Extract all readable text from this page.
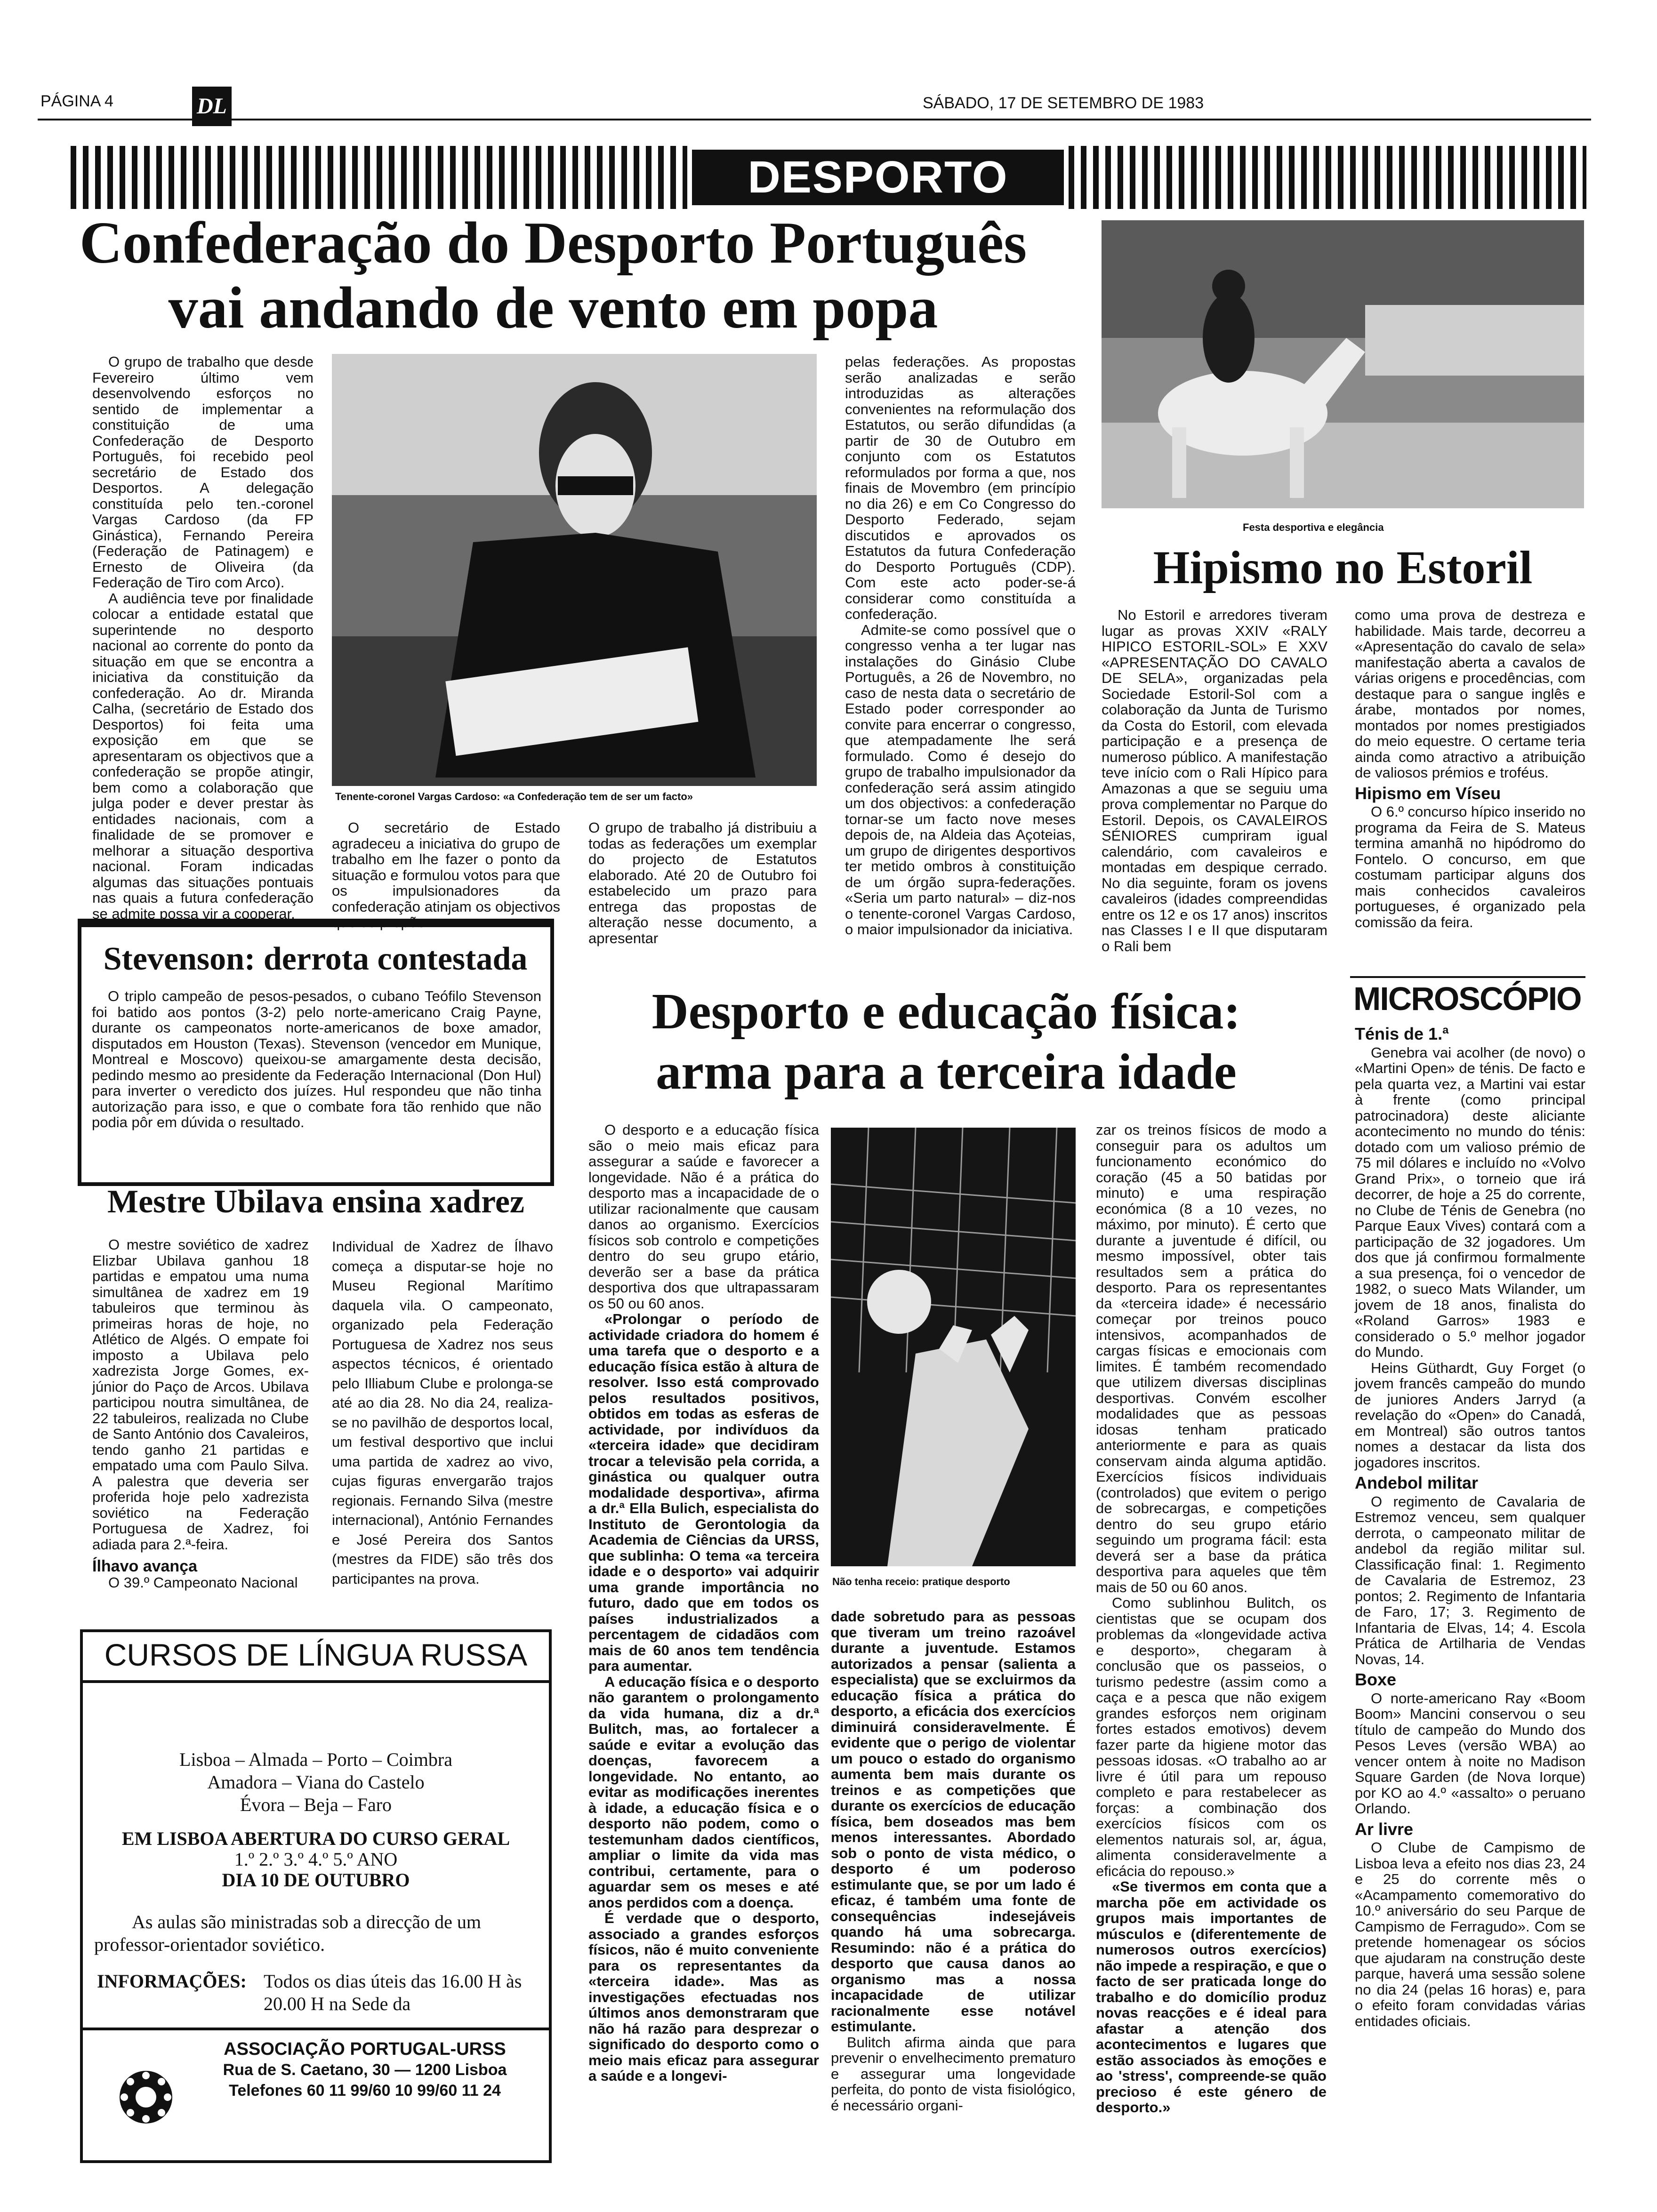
PÁGINA 4	DL	SÁBADO, 17 DE SETEMBRO DE 1983
DESPORTO
Confederação do Desporto Português
vai andando de vento em popa

O grupo de trabalho que desde Fevereiro último vem desenvolvendo esforços no sentido de implementar a constituição de uma Confederação de Desporto Português, foi recebido peol secretário de Estado dos Desportos. A delegação constituída pelo ten.-coronel Vargas Cardoso (da FP Ginástica), Fernando Pereira (Federação de Patinagem) e Ernesto de Oliveira (da Federação de Tiro com Arco).

A audiência teve por finalidade colocar a entidade estatal que superintende no desporto nacional ao corrente do ponto da situação em que se encontra a iniciativa da constituição da confederação. Ao dr. Miranda Calha, (secretário de Estado dos Desportos) foi feita uma exposição em que se apresentaram os objectivos que a confederação se propõe atingir, bem como a colaboração que julga poder e dever prestar às entidades nacionais, com a finalidade de se promover e melhorar a situação desportiva nacional. Foram indicadas algumas das situações pontuais nas quais a futura confederação se admite possa vir a cooperar.

Tenente-coronel Vargas Cardoso: «a Confederação tem de ser um facto»

O secretário de Estado agradeceu a iniciativa do grupo de trabalho em lhe fazer o ponto da situação e formulou votos para que os impulsionadores da confederação atinjam os objectivos que se propõem.

O grupo de trabalho já distribuiu a todas as federações um exemplar do projecto de Estatutos elaborado. Até 20 de Outubro foi estabelecido um prazo para entrega das propostas de alteração nesse documento, a apresentar

pelas federações. As propostas serão analizadas e serão introduzidas as alterações convenientes na reformulação dos Estatutos, ou serão difundidas (a partir de 30 de Outubro em conjunto com os Estatutos reformulados por forma a que, nos finais de Movembro (em princípio no dia 26) e em Co Congresso do Desporto Federado, sejam discutidos e aprovados os Estatutos da futura Confederação do Desporto Português (CDP). Com este acto poder-se-á considerar como constituída a confederação.

Admite-se como possível que o congresso venha a ter lugar nas instalações do Ginásio Clube Português, a 26 de Novembro, no caso de nesta data o secretário de Estado poder corresponder ao convite para encerrar o congresso, que atempadamente lhe será formulado. Como é desejo do grupo de trabalho impulsionador da confederação será assim atingido um dos objectivos: a confederação tornar-se um facto nove meses depois de, na Aldeia das Açoteias, um grupo de dirigentes desportivos ter metido ombros à constituição de um órgão supra-federações. «Seria um parto natural» – diz-nos o tenente-coronel Vargas Cardoso, o maior impulsionador da iniciativa.

Festa desportiva e elegância
Hipismo no Estoril

No Estoril e arredores tiveram lugar as provas XXIV «RALY HIPICO ESTORIL-SOL» E XXV «APRESENTAÇÃO DO CAVALO DE SELA», organizadas pela Sociedade Estoril-Sol com a colaboração da Junta de Turismo da Costa do Estoril, com elevada participação e a presença de numeroso público. A manifestação teve início com o Rali Hípico para Amazonas a que se seguiu uma prova complementar no Parque do Estoril. Depois, os CAVALEIROS SÉNIORES cumpriram igual calendário, com cavaleiros e montadas em despique cerrado. No dia seguinte, foram os jovens cavaleiros (idades compreendidas entre os 12 e os 17 anos) inscritos nas Classes I e II que disputaram o Rali bem

como uma prova de destreza e habilidade. Mais tarde, decorreu a «Apresentação do cavalo de sela» manifestação aberta a cavalos de várias origens e procedências, com destaque para o sangue inglês e árabe, montados por nomes, montados por nomes prestigiados do meio equestre. O certame teria ainda como atractivo a atribuição de valiosos prémios e troféus.

Hipismo em Víseu

O 6.º concurso hípico inserido no programa da Feira de S. Mateus termina amanhã no hipódromo do Fontelo. O concurso, em que costumam participar alguns dos mais conhecidos cavaleiros portugueses, é organizado pela comissão da feira.

Stevenson: derrota contestada

O triplo campeão de pesos-pesados, o cubano Teófilo Stevenson foi batido aos pontos (3-2) pelo norte-americano Craig Payne, durante os campeonatos norte-americanos de boxe amador, disputados em Houston (Texas). Stevenson (vencedor em Munique, Montreal e Moscovo) queixou-se amargamente desta decisão, pedindo mesmo ao presidente da Federação Internacional (Don Hul) para inverter o veredicto dos juízes. Hul respondeu que não tinha autorização para isso, e que o combate fora tão renhido que não podia pôr em dúvida o resultado.

Mestre Ubilava ensina xadrez

O mestre soviético de xadrez Elizbar Ubilava ganhou 18 partidas e empatou uma numa simultânea de xadrez em 19 tabuleiros que terminou às primeiras horas de hoje, no Atlético de Algés. O empate foi imposto a Ubilava pelo xadrezista Jorge Gomes, ex-júnior do Paço de Arcos. Ubilava participou noutra simultânea, de 22 tabuleiros, realizada no Clube de Santo António dos Cavaleiros, tendo ganho 21 partidas e empatado uma com Paulo Silva. A palestra que deveria ser proferida hoje pelo xadrezista soviético na Federação Portuguesa de Xadrez, foi adiada para 2.ª-feira.

Ílhavo avança

O 39.º Campeonato Nacional

Individual de Xadrez de Ílhavo começa a disputar-se hoje no Museu Regional Marítimo daquela vila. O campeonato, organizado pela Federação Portuguesa de Xadrez nos seus aspectos técnicos, é orientado pelo Illiabum Clube e prolonga-se até ao dia 28. No dia 24, realiza-se no pavilhão de desportos local, um festival desportivo que inclui uma partida de xadrez ao vivo, cujas figuras envergarão trajos regionais. Fernando Silva (mestre internacional), António Fernandes e José Pereira dos Santos (mestres da FIDE) são três dos participantes na prova.

CURSOS DE LÍNGUA RUSSA
Lisboa – Almada – Porto – Coimbra
Amadora – Viana do Castelo
Évora – Beja – Faro
EM LISBOA ABERTURA DO CURSO GERAL
1.º 2.º 3.º 4.º 5.º ANO
DIA 10 DE OUTUBRO
As aulas são ministradas sob a direcção de um professor-orientador soviético.
INFORMAÇÕES: Todos os dias úteis das 16.00 H às 20.00 H na Sede da
ASSOCIAÇÃO PORTUGAL-URSS
Rua de S. Caetano, 30 — 1200 Lisboa
Telefones 60 11 99/60 10 99/60 11 24
Desporto e educação física:
arma para a terceira idade

O desporto e a educação física são o meio mais eficaz para assegurar a saúde e favorecer a longevidade. Não é a prática do desporto mas a incapacidade de o utilizar racionalmente que causam danos ao organismo. Exercícios físicos sob controlo e competições dentro do seu grupo etário, deverão ser a base da prática desportiva dos que ultrapassaram os 50 ou 60 anos.

«Prolongar o período de actividade criadora do homem é uma tarefa que o desporto e a educação física estão à altura de resolver. Isso está comprovado pelos resultados positivos, obtidos em todas as esferas de actividade, por indivíduos da «terceira idade» que decidiram trocar a televisão pela corrida, a ginástica ou qualquer outra modalidade desportiva», afirma a dr.ª Ella Bulich, especialista do Instituto de Gerontologia da Academia de Ciências da URSS, que sublinha: O tema «a terceira idade e o desporto» vai adquirir uma grande importância no futuro, dado que em todos os países industrializados a percentagem de cidadãos com mais de 60 anos tem tendência para aumentar.

A educação física e o desporto não garantem o prolongamento da vida humana, diz a dr.ª Bulitch, mas, ao fortalecer a saúde e evitar a evolução das doenças, favorecem a longevidade. No entanto, ao evitar as modificações inerentes à idade, a educação física e o desporto não podem, como o testemunham dados científicos, ampliar o limite da vida mas contribui, certamente, para o aguardar sem os meses e até anos perdidos com a doença.

É verdade que o desporto, associado a grandes esforços físicos, não é muito conveniente para os representantes da «terceira idade». Mas as investigações efectuadas nos últimos anos demonstraram que não há razão para desprezar o significado do desporto como o meio mais eficaz para assegurar a saúde e a longevi-

Não tenha receio: pratique desporto

dade sobretudo para as pessoas que tiveram um treino razoável durante a juventude. Estamos autorizados a pensar (salienta a especialista) que se excluirmos da educação física a prática do desporto, a eficácia dos exercícios diminuirá consideravelmente. É evidente que o perigo de violentar um pouco o estado do organismo aumenta bem mais durante os treinos e as competições que durante os exercícios de educação física, bem doseados mas bem menos interessantes. Abordado sob o ponto de vista médico, o desporto é um poderoso estimulante que, se por um lado é eficaz, é também uma fonte de consequências indesejáveis quando há uma sobrecarga. Resumindo: não é a prática do desporto que causa danos ao organismo mas a nossa incapacidade de utilizar racionalmente esse notável estimulante.

Bulitch afirma ainda que para prevenir o envelhecimento prematuro e assegurar uma longevidade perfeita, do ponto de vista fisiológico, é necessário organi-

zar os treinos físicos de modo a conseguir para os adultos um funcionamento económico do coração (45 a 50 batidas por minuto) e uma respiração económica (8 a 10 vezes, no máximo, por minuto). É certo que durante a juventude é difícil, ou mesmo impossível, obter tais resultados sem a prática do desporto. Para os representantes da «terceira idade» é necessário começar por treinos pouco intensivos, acompanhados de cargas físicas e emocionais com limites. É também recomendado que utilizem diversas disciplinas desportivas. Convém escolher modalidades que as pessoas idosas tenham praticado anteriormente e para as quais conservam ainda alguma aptidão. Exercícios físicos individuais (controlados) que evitem o perigo de sobrecargas, e competições dentro do seu grupo etário seguindo um programa fácil: esta deverá ser a base da prática desportiva para aqueles que têm mais de 50 ou 60 anos.

Como sublinhou Bulitch, os cientistas que se ocupam dos problemas da «longevidade activa e desporto», chegaram à conclusão que os passeios, o turismo pedestre (assim como a caça e a pesca que não exigem grandes esforços nem originam fortes estados emotivos) devem fazer parte da higiene motor das pessoas idosas. «O trabalho ao ar livre é útil para um repouso completo e para restabelecer as forças: a combinação dos exercícios físicos com os elementos naturais sol, ar, água, alimenta consideravelmente a eficácia do repouso.»

«Se tivermos em conta que a marcha põe em actividade os grupos mais importantes de músculos e (diferentemente de numerosos outros exercícios) não impede a respiração, e que o facto de ser praticada longe do trabalho e do domicílio produz novas reacções e é ideal para afastar a atenção dos acontecimentos e lugares que estão associados às emoções e ao 'stress', compreende-se quão precioso é este género de desporto.»

MICROSCÓPIO
Ténis de 1.ª

Genebra vai acolher (de novo) o «Martini Open» de ténis. De facto e pela quarta vez, a Martini vai estar à frente (como principal patrocinadora) deste aliciante acontecimento no mundo do ténis: dotado com um valioso prémio de 75 mil dólares e incluído no «Volvo Grand Prix», o torneio que irá decorrer, de hoje a 25 do corrente, no Clube de Ténis de Genebra (no Parque Eaux Vives) contará com a participação de 32 jogadores. Um dos que já confirmou formalmente a sua presença, foi o vencedor de 1982, o sueco Mats Wilander, um jovem de 18 anos, finalista do «Roland Garros» 1983 e considerado o 5.º melhor jogador do Mundo.

Heins Güthardt, Guy Forget (o jovem francês campeão do mundo de juniores Anders Jarryd (a revelação do «Open» do Canadá, em Montreal) são outros tantos nomes a destacar da lista dos jogadores inscritos.

Andebol militar

O regimento de Cavalaria de Estremoz venceu, sem qualquer derrota, o campeonato militar de andebol da região militar sul. Classificação final: 1. Regimento de Cavalaria de Estremoz, 23 pontos; 2. Regimento de Infantaria de Faro, 17; 3. Regimento de Infantaria de Elvas, 14; 4. Escola Prática de Artilharia de Vendas Novas, 14.

Boxe

O norte-americano Ray «Boom Boom» Mancini conservou o seu título de campeão do Mundo dos Pesos Leves (versão WBA) ao vencer ontem à noite no Madison Square Garden (de Nova Iorque) por KO ao 4.º «assalto» o peruano Orlando.

Ar livre

O Clube de Campismo de Lisboa leva a efeito nos dias 23, 24 e 25 do corrente mês o «Acampamento comemorativo do 10.º aniversário do seu Parque de Campismo de Ferragudo». Com se pretende homenagear os sócios que ajudaram na construção deste parque, haverá uma sessão solene no dia 24 (pelas 16 horas) e, para o efeito foram convidadas várias entidades oficiais.
